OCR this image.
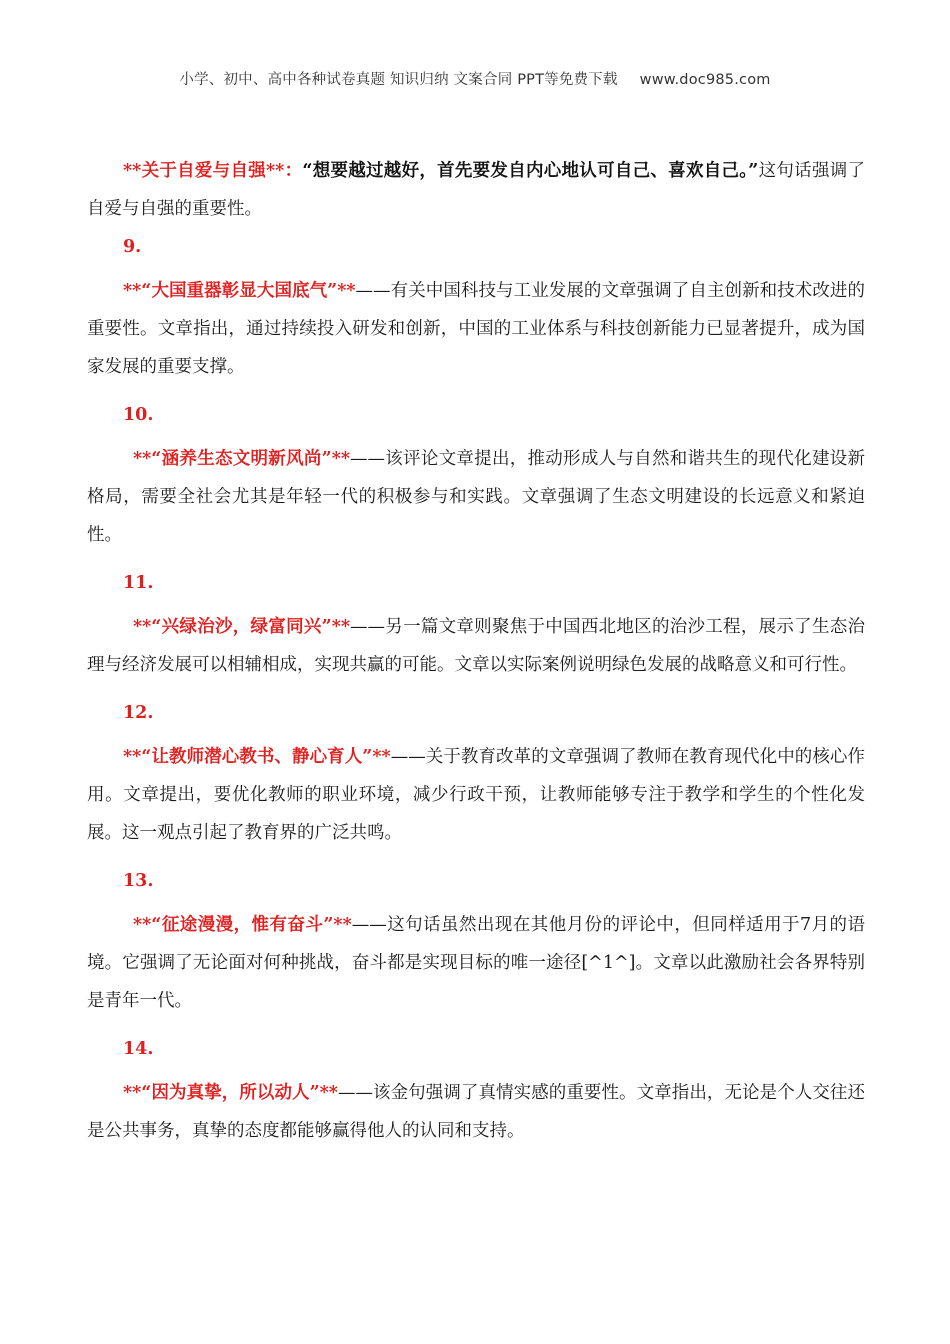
小学、初中、高中各种试卷真题 知识归纳 文案合同 PPT等免费下载 www.doc985.com

**关于自爱与自强**：“想要越过越好，首先要发自内心地认可自己、喜欢自己。”这句话强调了自爱与自强的重要性。

9.

**“大国重器彰显大国底气”**——有关中国科技与工业发展的文章强调了自主创新和技术改进的重要性。文章指出，通过持续投入研发和创新，中国的工业体系与科技创新能力已显著提升，成为国家发展的重要支撑。

10.

**“涵养生态文明新风尚”**——该评论文章提出，推动形成人与自然和谐共生的现代化建设新格局，需要全社会尤其是年轻一代的积极参与和实践。文章强调了生态文明建设的长远意义和紧迫性。

11.

**“兴绿治沙，绿富同兴”**——另一篇文章则聚焦于中国西北地区的治沙工程，展示了生态治理与经济发展可以相辅相成，实现共赢的可能。文章以实际案例说明绿色发展的战略意义和可行性。

12.

**“让教师潜心教书、静心育人”**——关于教育改革的文章强调了教师在教育现代化中的核心作用。文章提出，要优化教师的职业环境，减少行政干预，让教师能够专注于教学和学生的个性化发展。这一观点引起了教育界的广泛共鸣。

13.

**“征途漫漫，惟有奋斗”**——这句话虽然出现在其他月份的评论中，但同样适用于7月的语境。它强调了无论面对何种挑战，奋斗都是实现目标的唯一途径[^1^]。文章以此激励社会各界特别是青年一代。

14.

**“因为真挚，所以动人”**——该金句强调了真情实感的重要性。文章指出，无论是个人交往还是公共事务，真挚的态度都能够赢得他人的认同和支持。
